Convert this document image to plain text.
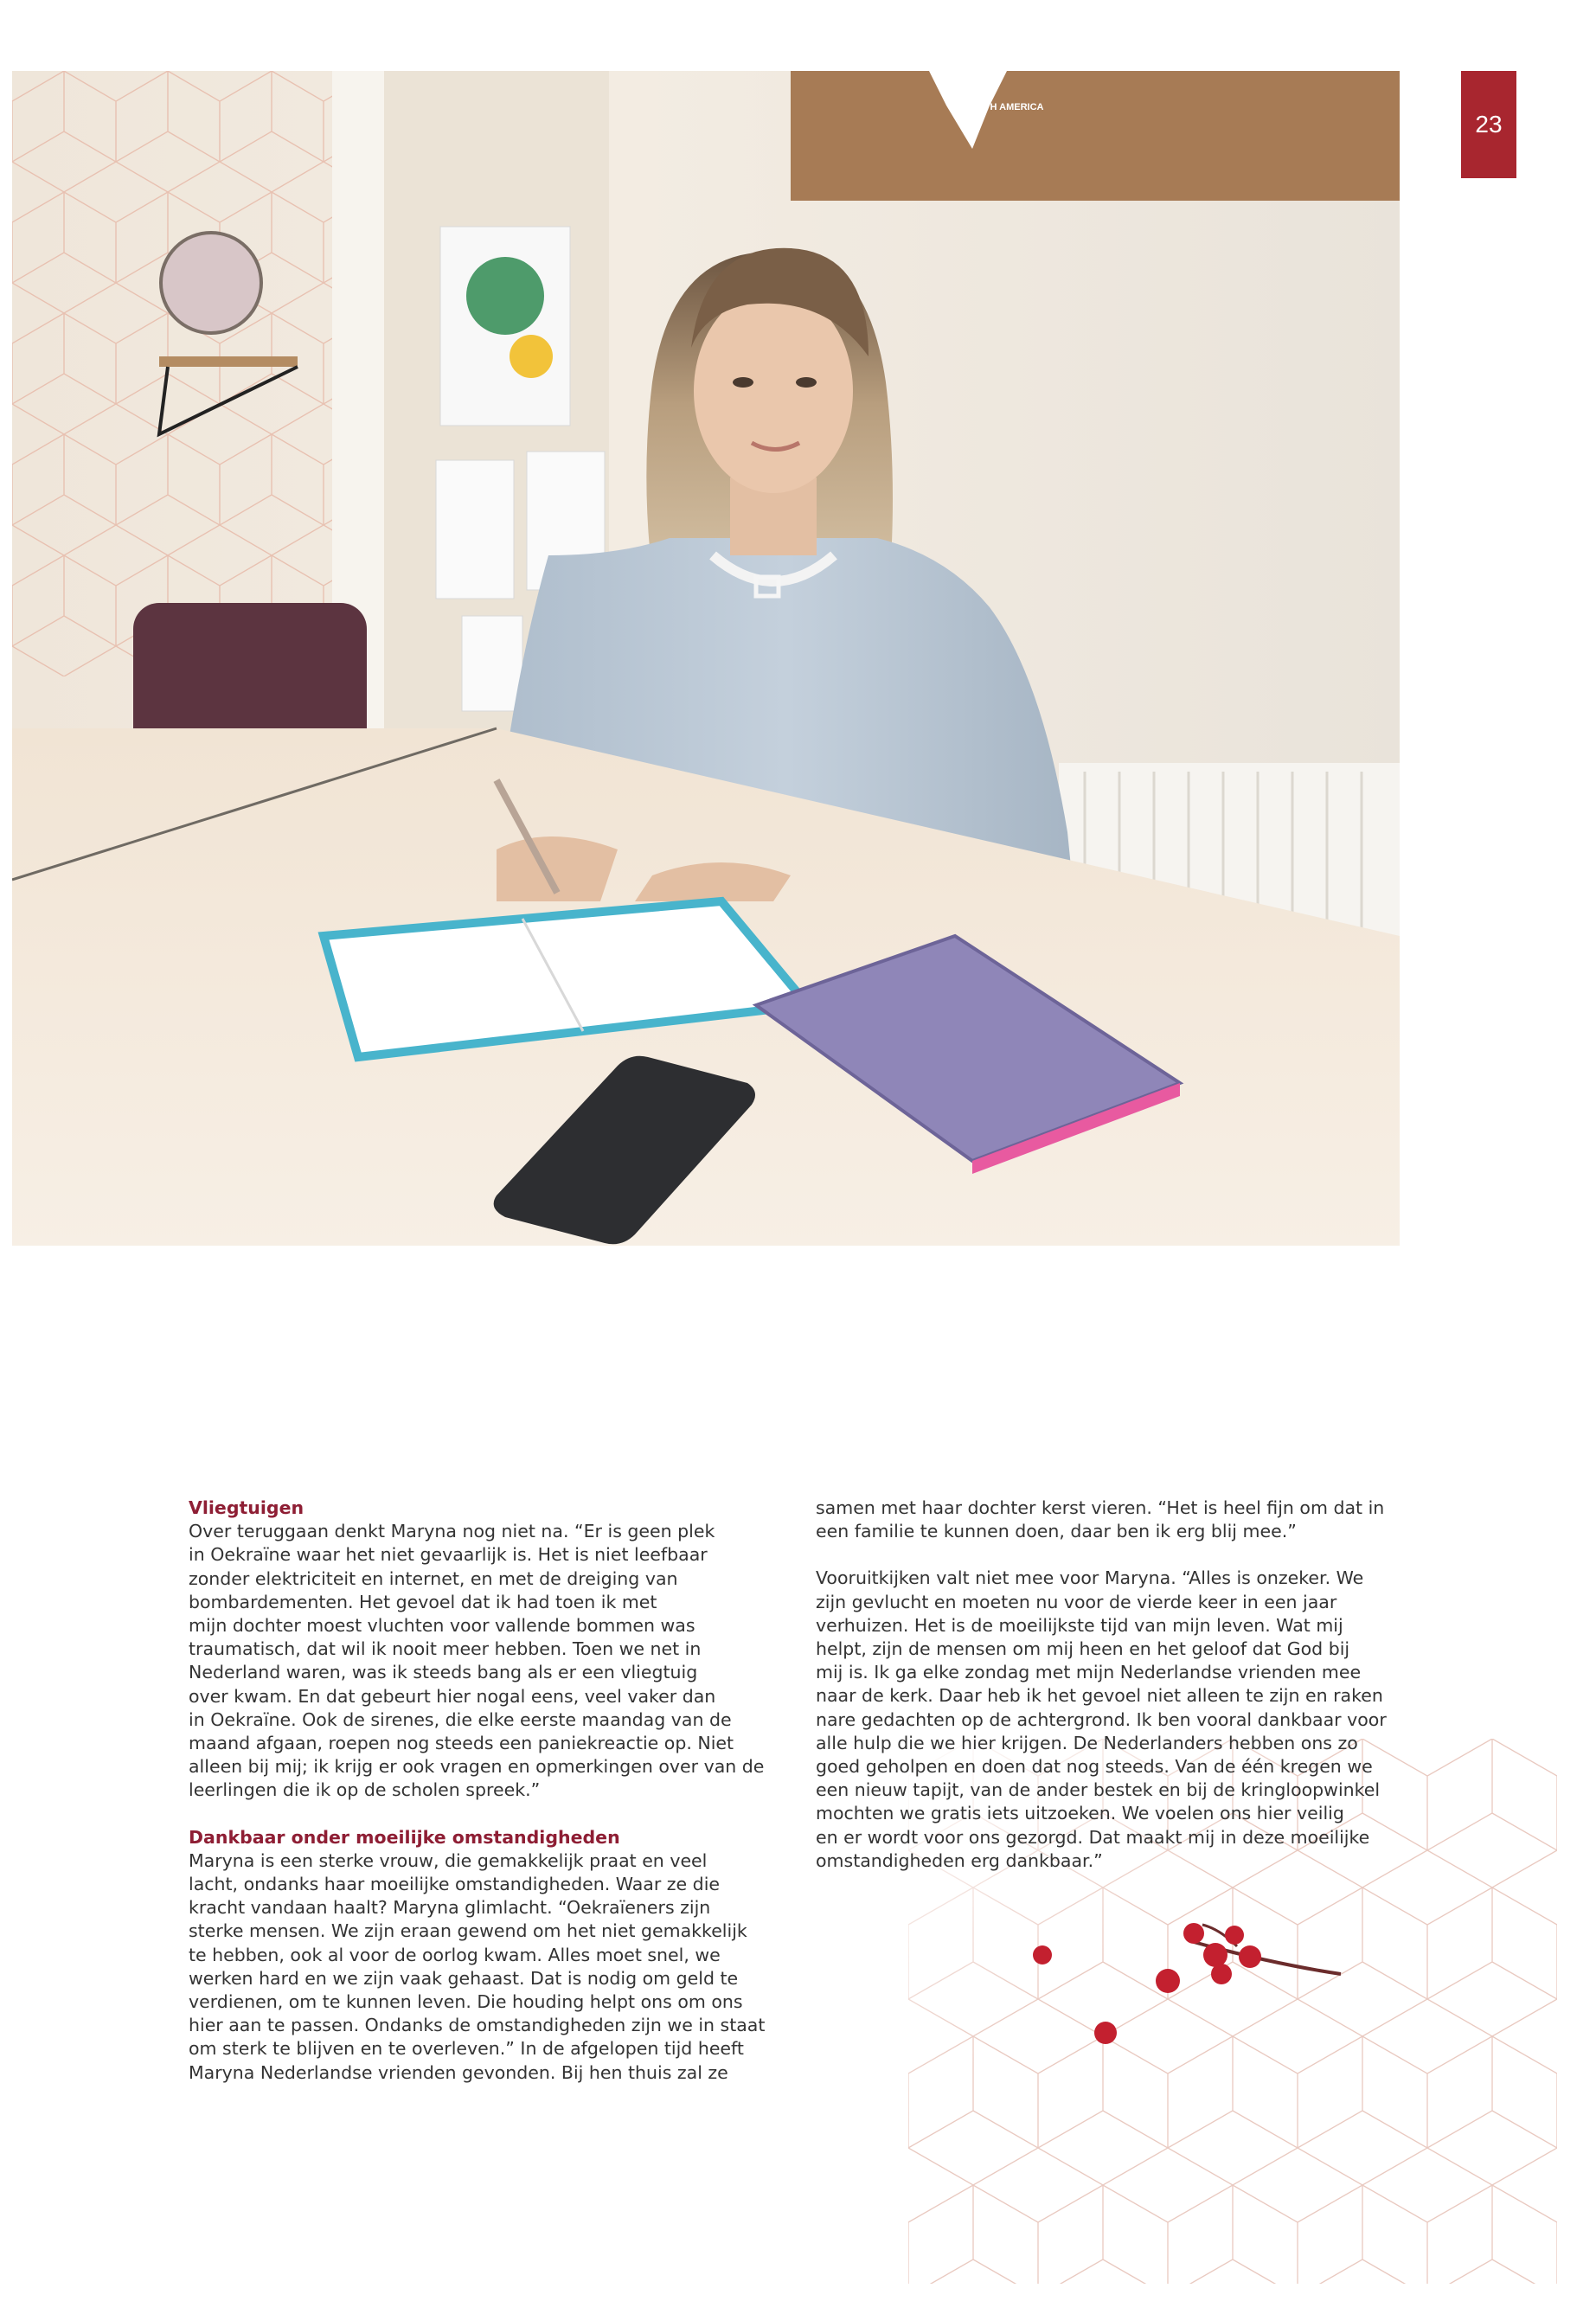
SOUTH AMERICA
23
Vliegtuigen

Over teruggaan denkt Maryna nog niet na. “Er is geen plek
in Oekraïne waar het niet gevaarlijk is. Het is niet leefbaar
zonder elektriciteit en internet, en met de dreiging van
bombardementen. Het gevoel dat ik had toen ik met
mijn dochter moest vluchten voor vallende bommen was
traumatisch, dat wil ik nooit meer hebben. Toen we net in
Nederland waren, was ik steeds bang als er een vliegtuig
over kwam. En dat gebeurt hier nogal eens, veel vaker dan
in Oekraïne. Ook de sirenes, die elke eerste maandag van de
maand afgaan, roepen nog steeds een paniekreactie op. Niet
alleen bij mij; ik krijg er ook vragen en opmerkingen over van de
leerlingen die ik op de scholen spreek.”

Dankbaar onder moeilijke omstandigheden

Maryna is een sterke vrouw, die gemakkelijk praat en veel
lacht, ondanks haar moeilijke omstandigheden. Waar ze die
kracht vandaan haalt? Maryna glimlacht. “Oekraïeners zijn
sterke mensen. We zijn eraan gewend om het niet gemakkelijk
te hebben, ook al voor de oorlog kwam. Alles moet snel, we
werken hard en we zijn vaak gehaast. Dat is nodig om geld te
verdienen, om te kunnen leven. Die houding helpt ons om ons
hier aan te passen. Ondanks de omstandigheden zijn we in staat
om sterk te blijven en te overleven.” In de afgelopen tijd heeft
Maryna Nederlandse vrienden gevonden. Bij hen thuis zal ze

samen met haar dochter kerst vieren. “Het is heel fijn om dat in
een familie te kunnen doen, daar ben ik erg blij mee.”

Vooruitkijken valt niet mee voor Maryna. “Alles is onzeker. We
zijn gevlucht en moeten nu voor de vierde keer in een jaar
verhuizen. Het is de moeilijkste tijd van mijn leven. Wat mij
helpt, zijn de mensen om mij heen en het geloof dat God bij
mij is. Ik ga elke zondag met mijn Nederlandse vrienden mee
naar de kerk. Daar heb ik het gevoel niet alleen te zijn en raken
nare gedachten op de achtergrond. Ik ben vooral dankbaar voor
alle hulp die we hier krijgen. De Nederlanders hebben ons zo
goed geholpen en doen dat nog steeds. Van de één kregen we
een nieuw tapijt, van de ander bestek en bij de kringloopwinkel
mochten we gratis iets uitzoeken. We voelen ons hier veilig
en er wordt voor ons gezorgd. Dat maakt mij in deze moeilijke
omstandigheden erg dankbaar.”
